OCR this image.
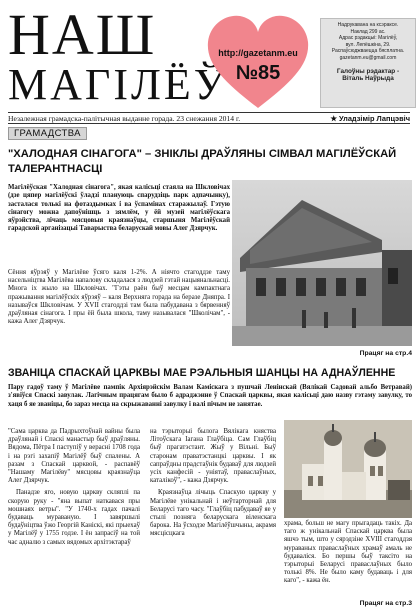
НАШ
МАГІЛЁЎ
http://gazetanm.eu
№85

Надрукавана на ксэраксе.

Наклад 299 ас.

Адрас рэдакцыі: Магілёў,

вул. Лепёшкіна, 29.

Распаўсюджваецца бясплатна.

gazetanm.eu@gmail.com

Галоўны рэдактар -

Віталь Наўрыда

Незалежная грамадска-палітычная выданне горада. 23 снежання 2014 г.	★ Уладзімір Лапцэвіч
ГРАМАДСТВА
"ХАЛОДНАЯ СІНАГОГА" – ЗНІКЛЫ ДРАЎЛЯНЫ СІМВАЛ МАГІЛЁЎСКАЙ ТАЛЕРАНТНАСЦІ

Магілёўская "Халодная сінагога", якая калісьці стаяла на Шкловічах (дзе цяпер магілёўскі ўладзі плануюць спарудзіць парк адпачынку), засталася толькі на фотаздымках і ва ўспамінах старажылаў. Гэтую сінагогу можна дапоўнішць з зямлём, у ёй музей магілёўскага яўрэйства, лічаць мясцовыя краязнаўцы, старшыня Магілёўскай гарадской арганізацыі Таварыства беларускай мовы Алег Дзярчук.

Сёння яўрэяў у Магілёве ўсяго каля 1-2%. А ніячто стагоддзе таму насельніцтва Магілёва напалову складалася з людзей гэтай нацыянальнасці. Многа іх жыло на Шкловічах. "Гэты раён быў месцам кампактнага пражывання магілёўскіх яўрэяў – каля Верхняга горада на беразе Дняпра. І называўся Шкловічам. У XVII стагоддзі там была пабудавана з бярвенняў драўляная сінагога. І пры ёй была школа, таму называлася "Школічам", - кажа Алег Дзярчук.

Працяг на стр.4
ЗВАНІЦА СПАСКАЙ ЦАРКВЫ МАЕ РЭАЛЬНЫЯ ШАНЦЫ НА АДНАЎЛЕННЕ

Пару гадоў таму ў Магілёве пампік Архіярэйскім Валам Каміскага з пушчай Ленінскай (Вялікай Садовай альбо Ветравай) з'явіўся Спаскі завулак. Лагічным працягам было б адраджэнне ў Спаскай царквы, якая калісьці даю назву гэтаму завулку, то хаця б яе званіцы, бо зараз месца на скрыжаванні завулку і валі пічым не занятае.

"Сама царква да Падрыхтоўнай вайны была драўлянай і Спаскі манастыр быў драўляны. Вядома, Пётра І паступіў у верасні 1708 года і на рэгі захапіў Магілёў быў спалены. А разам з Спаскай царквой, - распавёў "Нашаму Магілёву" мясцовы краязнаўца Алег Дзярчук.

Панадзе яго, новую царкву скляплі па скорую руку - "яна выпат наткавася пры мошнаях ветры". "У 1740-х гадах пачалі будаваць мураваную. І завяршылі будаўніцтва ўжо Георгій Каніскі, які прыехаў у Магілёў у 1755 годзе. І ён запрасіў на той час адналю з самых вядомых архітэктараў

на тэрыторыі былога Вялікага княства Літоўскага Іагана Глаўбіца. Сам Глаўбіц быў прагатэстант. Жыў у Вільні. Быў старонам праватэстанцкі царквы. І як сапраўдны прадстаўнік будаваў для людзей усіх канфесій - уніятаў, праваслаўных, каталікоў", - кажа Дзярчук.

Краязнаўца лічыць Спаскую царкву у Магілёве унікальнай і неўтарторнай для Беларусі таго часу. "Глаўбіц пабудаваў яе у стылі позняга беларускага віленскага барока. На ўсходзе Магілёўшчыны, акрамя мясцісцкага

храма, больш не магу прыгадаць такіх. Да таго ж унікальнай Спаскай царква была яшчэ тым, што у сярэдзіне XVIII стагоддзя мураваных праваслаўных храмаў амаль не будаваліся. Бо першы быў таксіто на тэрыторыі Беларусі праваслаўных было толькі 8%. Не было каму будаваць і для каго", - кажа ён.

Працяг на стр.3
